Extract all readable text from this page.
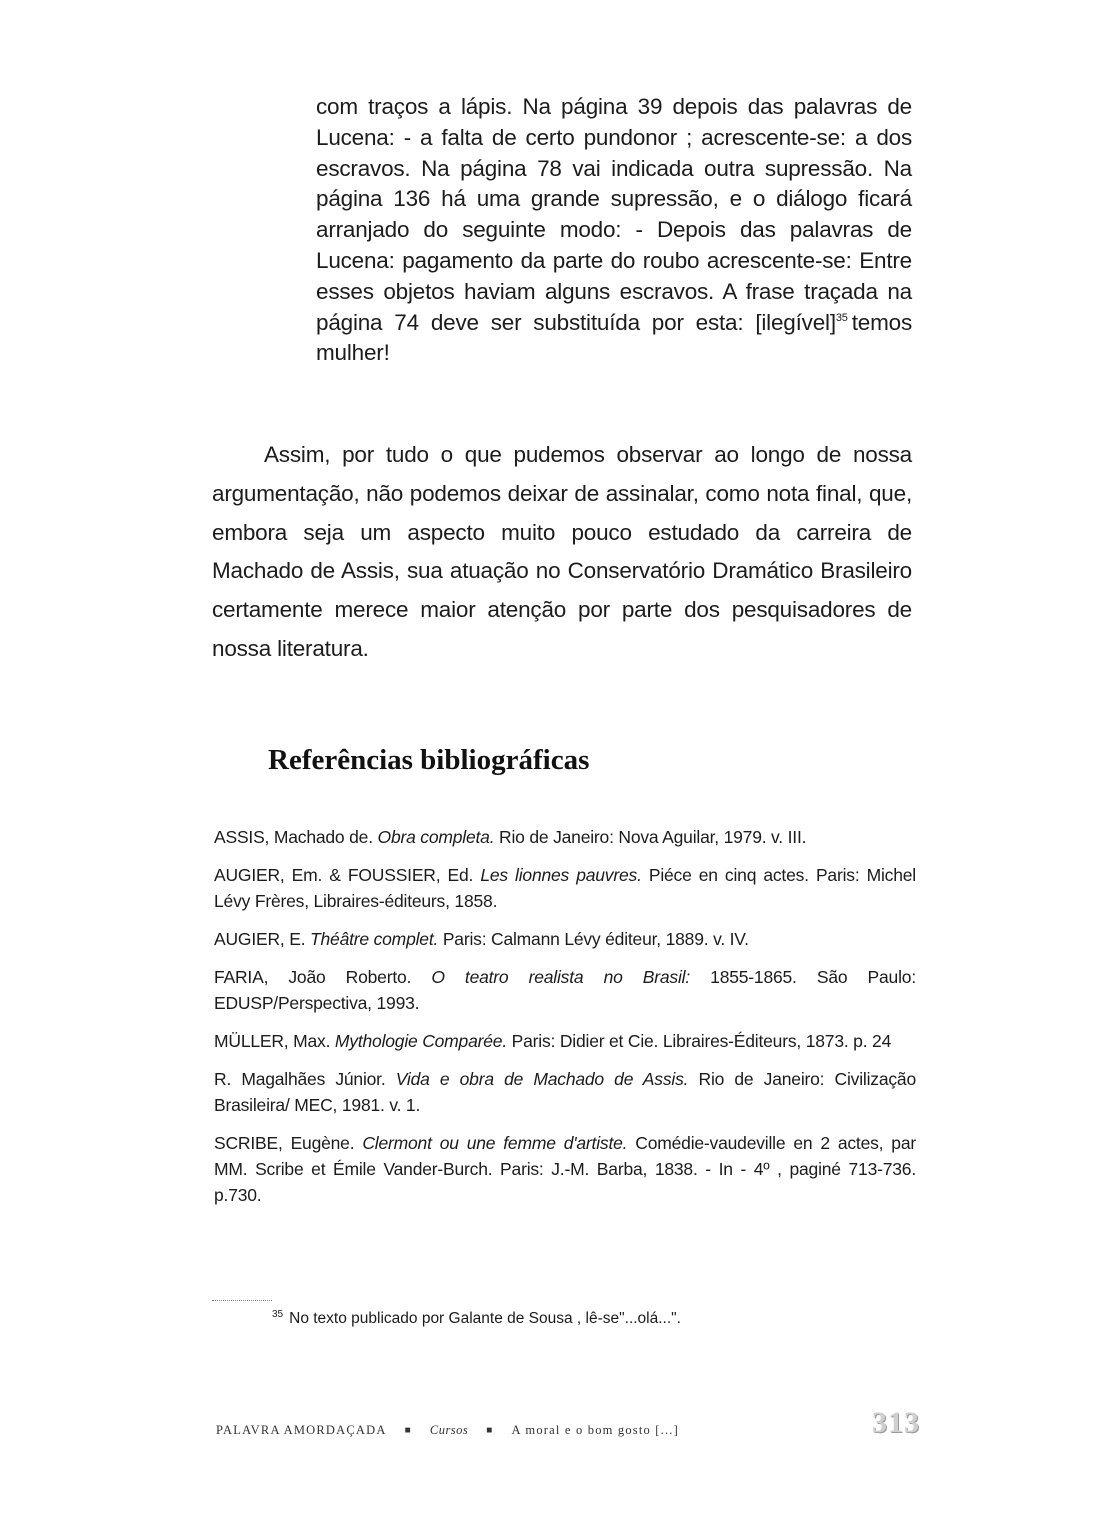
com traços a lápis. Na página 39 depois das palavras de Lucena: - a falta de certo pundonor ; acrescente-se: a dos escravos. Na página 78 vai indicada outra supressão. Na página 136 há uma grande supressão, e o diálogo ficará arranjado do seguinte modo: - Depois das palavras de Lucena: pagamento da parte do roubo acrescente-se: Entre esses objetos haviam alguns escravos. A frase traçada na página 74 deve ser substituída por esta: [ilegível]$^{35}$ temos mulher!

Assim, por tudo o que pudemos observar ao longo de nossa argumentação, não podemos deixar de assinalar, como nota final, que, embora seja um aspecto muito pouco estudado da carreira de Machado de Assis, sua atuação no Conservatório Dramático Brasileiro certamente merece maior atenção por parte dos pesquisadores de nossa literatura.

Referências bibliográficas
ASSIS, Machado de. Obra completa. Rio de Janeiro: Nova Aguilar, 1979. v. III.
AUGIER, Em. & FOUSSIER, Ed. Les lionnes pauvres. Piéce en cinq actes. Paris: Michel Lévy Frères, Libraires-éditeurs, 1858.
AUGIER, E. Théâtre complet. Paris: Calmann Lévy éditeur, 1889. v. IV.
FARIA, João Roberto. O teatro realista no Brasil: 1855-1865. São Paulo: EDUSP/Perspectiva, 1993.
MÜLLER, Max. Mythologie Comparée. Paris: Didier et Cie. Libraires-Éditeurs, 1873. p. 24
R. Magalhães Júnior. Vida e obra de Machado de Assis. Rio de Janeiro: Civilização Brasileira/ MEC, 1981. v. 1.
SCRIBE, Eugène. Clermont ou une femme d'artiste. Comédie-vaudeville en 2 actes, par MM. Scribe et Émile Vander-Burch. Paris: J.-M. Barba, 1838. - In - 4º , paginé 713-736. p.730.

$^{35}$ No texto publicado por Galante de Sousa , lê-se"...olá...".

PALAVRA AMORDAÇADA ■ Cursos ■ A moral e o bom gosto [...]	313
